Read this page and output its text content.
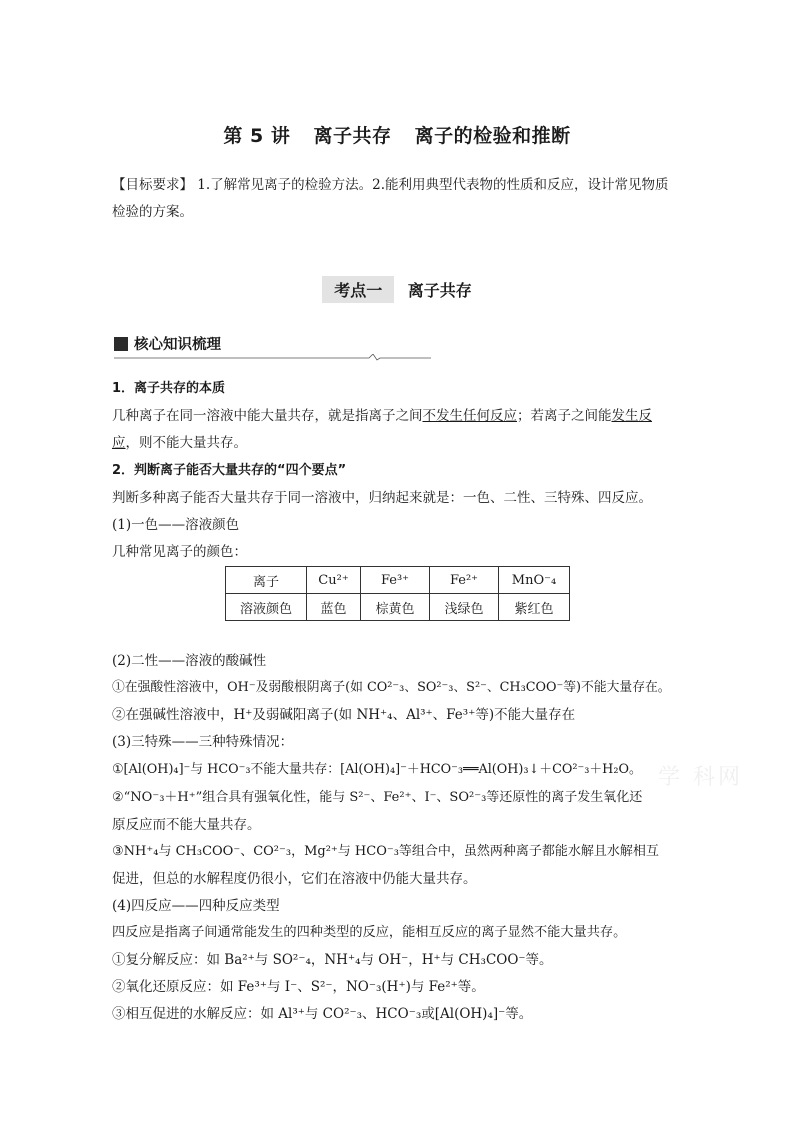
第 5 讲 离子共存 离子的检验和推断
【目标要求】 1.了解常见离子的检验方法。2.能利用典型代表物的性质和反应，设计常见物质
检验的方案。
考点一 离子共存
核心知识梳理
1．离子共存的本质
几种离子在同一溶液中能大量共存，就是指离子之间不发生任何反应；若离子之间能发生反
应，则不能大量共存。
2．判断离子能否大量共存的“四个要点”
判断多种离子能否大量共存于同一溶液中，归纳起来就是：一色、二性、三特殊、四反应。
(1)一色——溶液颜色
几种常见离子的颜色：
离子	Cu²⁺	Fe³⁺	Fe²⁺	MnO⁻₄
溶液颜色	蓝色	棕黄色	浅绿色	紫红色
(2)二性——溶液的酸碱性
①在强酸性溶液中，OH⁻及弱酸根阴离子(如 CO²⁻₃、SO²⁻₃、S²⁻、CH₃COO⁻等)不能大量存在。
②在强碱性溶液中，H⁺及弱碱阳离子(如 NH⁺₄、Al³⁺、Fe³⁺等)不能大量存在
(3)三特殊——三种特殊情况：
①[Al(OH)₄]⁻与 HCO⁻₃不能大量共存：[Al(OH)₄]⁻＋HCO⁻₃══Al(OH)₃↓＋CO²⁻₃＋H₂O。
②“NO⁻₃＋H⁺”组合具有强氧化性，能与 S²⁻、Fe²⁺、I⁻、SO²⁻₃等还原性的离子发生氧化还
原反应而不能大量共存。
③NH⁺₄与 CH₃COO⁻、CO²⁻₃，Mg²⁺与 HCO⁻₃等组合中，虽然两种离子都能水解且水解相互
促进，但总的水解程度仍很小，它们在溶液中仍能大量共存。
(4)四反应——四种反应类型
四反应是指离子间通常能发生的四种类型的反应，能相互反应的离子显然不能大量共存。
①复分解反应：如 Ba²⁺与 SO²⁻₄，NH⁺₄与 OH⁻，H⁺与 CH₃COO⁻等。
②氧化还原反应：如 Fe³⁺与 I⁻、S²⁻，NO⁻₃(H⁺)与 Fe²⁺等。
③相互促进的水解反应：如 Al³⁺与 CO²⁻₃、HCO⁻₃或[Al(OH)₄]⁻等。
学 科网
